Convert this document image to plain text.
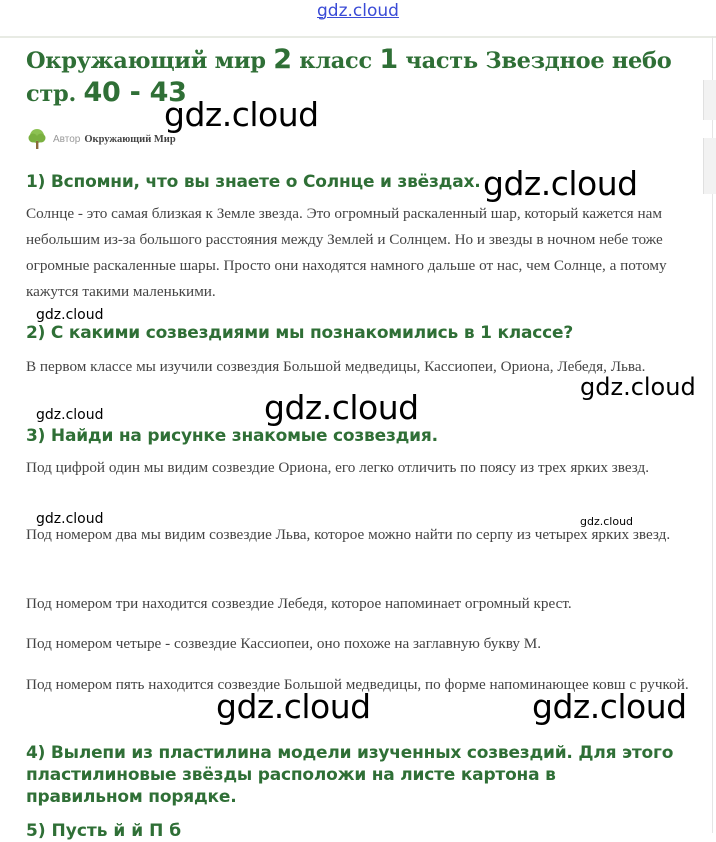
gdz.cloud
Окружающий мир 2 класс 1 часть Звездное небо стр. 40 - 43
Автор Окружающий Мир
1) Вспомни, что вы знаете о Солнце и звёздах.

Солнце - это самая близкая к Земле звезда. Это огромный раскаленный шар, который кажется нам небольшим из-за большого расстояния между Землей и Солнцем. Но и звезды в ночном небе тоже огромные раскаленные шары. Просто они находятся намного дальше от нас, чем Солнце, а потому кажутся такими маленькими.

2) С какими созвездиями мы познакомились в 1 классе?

В первом классе мы изучили созвездия Большой медведицы, Кассиопеи, Ориона, Лебедя, Льва.

3) Найди на рисунке знакомые созвездия.

Под цифрой один мы видим созвездие Ориона, его легко отличить по поясу из трех ярких звезд.

Под номером два мы видим созвездие Льва, которое можно найти по серпу из четырех ярких звезд.

Под номером три находится созвездие Лебедя, которое напоминает огромный крест.

Под номером четыре - созвездие Кассиопеи, оно похоже на заглавную букву М.

Под номером пять находится созвездие Большой медведицы, по форме напоминающее ковш с ручкой.

4) Вылепи из пластилина модели изученных созвездий. Для этого пластилиновые звёзды расположи на листе картона в правильном порядке.
5) Пусть й й П б
gdz.cloud
gdz.cloud
gdz.cloud
gdz.cloud
gdz.cloud
gdz.cloud
gdz.cloud	gdz.cloud
gdz.cloud	gdz.cloud
